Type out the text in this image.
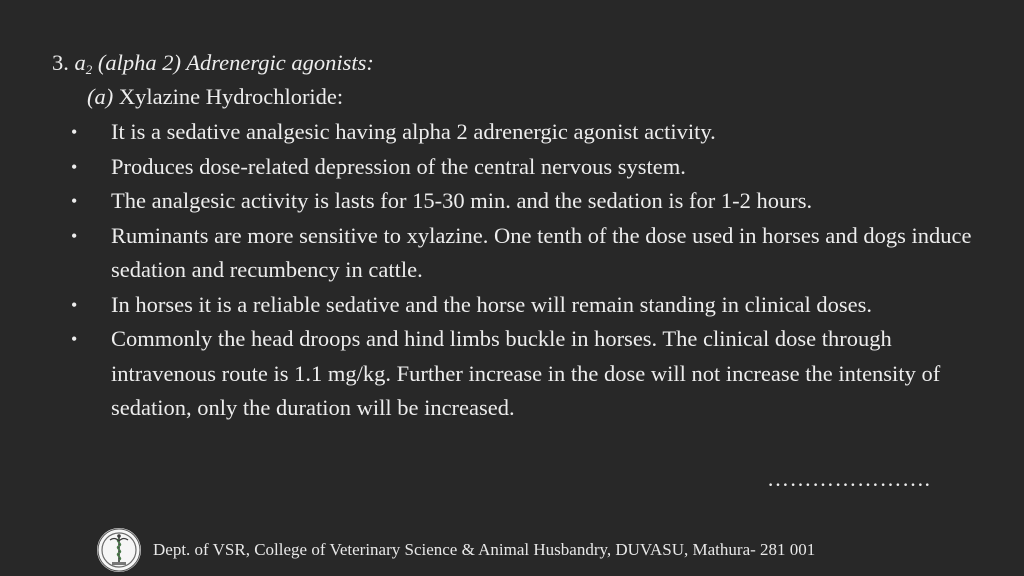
3. $a_2$ (alpha 2) Adrenergic agonists:
(a) Xylazine Hydrochloride:
• It is a sedative analgesic having alpha 2 adrenergic agonist activity.
• Produces dose-related depression of the central nervous system.
• The analgesic activity is lasts for 15-30 min. and the sedation is for 1-2 hours.
• Ruminants are more sensitive to xylazine. One tenth of the dose used in horses and dogs induce sedation and recumbency in cattle.
• In horses it is a reliable sedative and the horse will remain standing in clinical doses.
• Commonly the head droops and hind limbs buckle in horses. The clinical dose through intravenous route is 1.1 mg/kg. Further increase in the dose will not increase the intensity of sedation, only the duration will be increased.
………………….
Dept. of VSR, College of Veterinary Science & Animal Husbandry, DUVASU, Mathura- 281 001
